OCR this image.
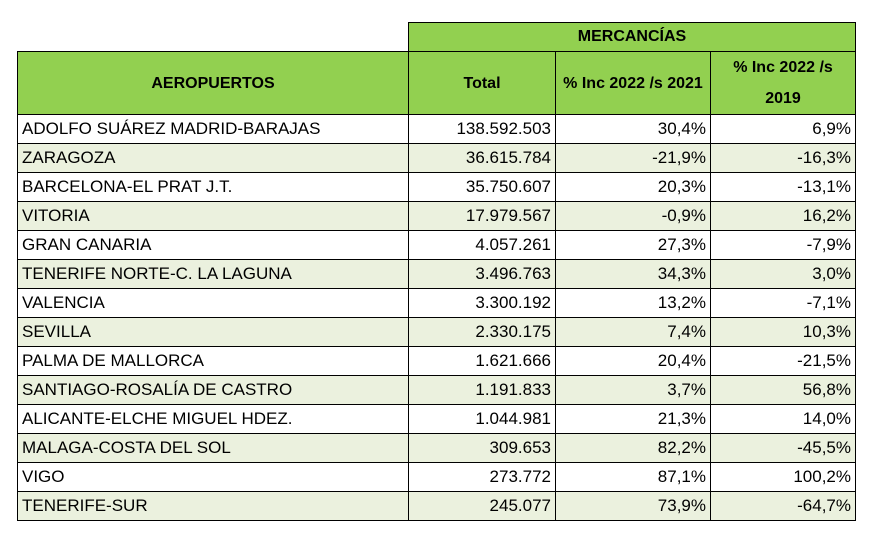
	MERCANCÍAS		
AEROPUERTOS	Total	% Inc 2022 /s 2021	% Inc 2022 /s 2019
ADOLFO SUÁREZ MADRID-BARAJAS	138.592.503	30,4%	6,9%
ZARAGOZA	36.615.784	-21,9%	-16,3%
BARCELONA-EL PRAT J.T.	35.750.607	20,3%	-13,1%
VITORIA	17.979.567	-0,9%	16,2%
GRAN CANARIA	4.057.261	27,3%	-7,9%
TENERIFE NORTE-C. LA LAGUNA	3.496.763	34,3%	3,0%
VALENCIA	3.300.192	13,2%	-7,1%
SEVILLA	2.330.175	7,4%	10,3%
PALMA DE MALLORCA	1.621.666	20,4%	-21,5%
SANTIAGO-ROSALÍA DE CASTRO	1.191.833	3,7%	56,8%
ALICANTE-ELCHE MIGUEL HDEZ.	1.044.981	21,3%	14,0%
MALAGA-COSTA DEL SOL	309.653	82,2%	-45,5%
VIGO	273.772	87,1%	100,2%
TENERIFE-SUR	245.077	73,9%	-64,7%
